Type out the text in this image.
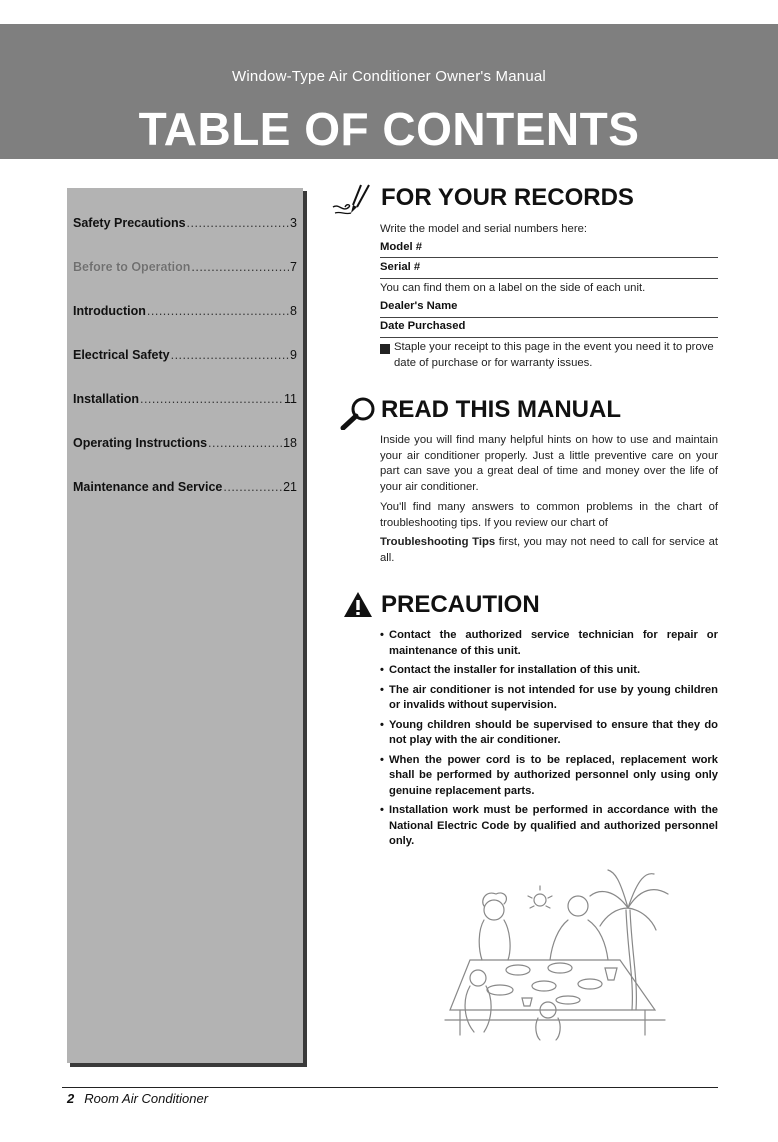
Window-Type Air Conditioner Owner's Manual
TABLE OF CONTENTS
Safety Precautions .....	3
Before to Operation .....	7
Introduction .....	8
Electrical Safety .....	9
Installation .....	11
Operating Instructions .....	18
Maintenance and Service .....	21
FOR YOUR RECORDS
Write the model and serial numbers here:
Model #
Serial #
You can find them on a label on the side of each unit.
Dealer's Name
Date Purchased
Staple your receipt to this page in the event you need it to prove date of purchase or for warranty issues.
READ THIS MANUAL
Inside you will find many helpful hints on how to use and maintain your air conditioner properly. Just a little preventive care on your part can save you a great deal of time and money over the life of your air conditioner.
You'll find many answers to common problems in the chart of troubleshooting tips. If you review our chart of
Troubleshooting Tips first, you may not need to call for service at all.
PRECAUTION
• Contact the authorized service technician for repair or maintenance of this unit.
• Contact the installer for installation of this unit.
• The air conditioner is not intended for use by young children or invalids without supervision.
• Young children should be supervised to ensure that they do not play with the air conditioner.
• When the power cord is to be replaced, replacement work shall be performed by authorized personnel only using only genuine replacement parts.
• Installation work must be performed in accordance with the National Electric Code by qualified and authorized personnel only.
2 Room Air Conditioner
